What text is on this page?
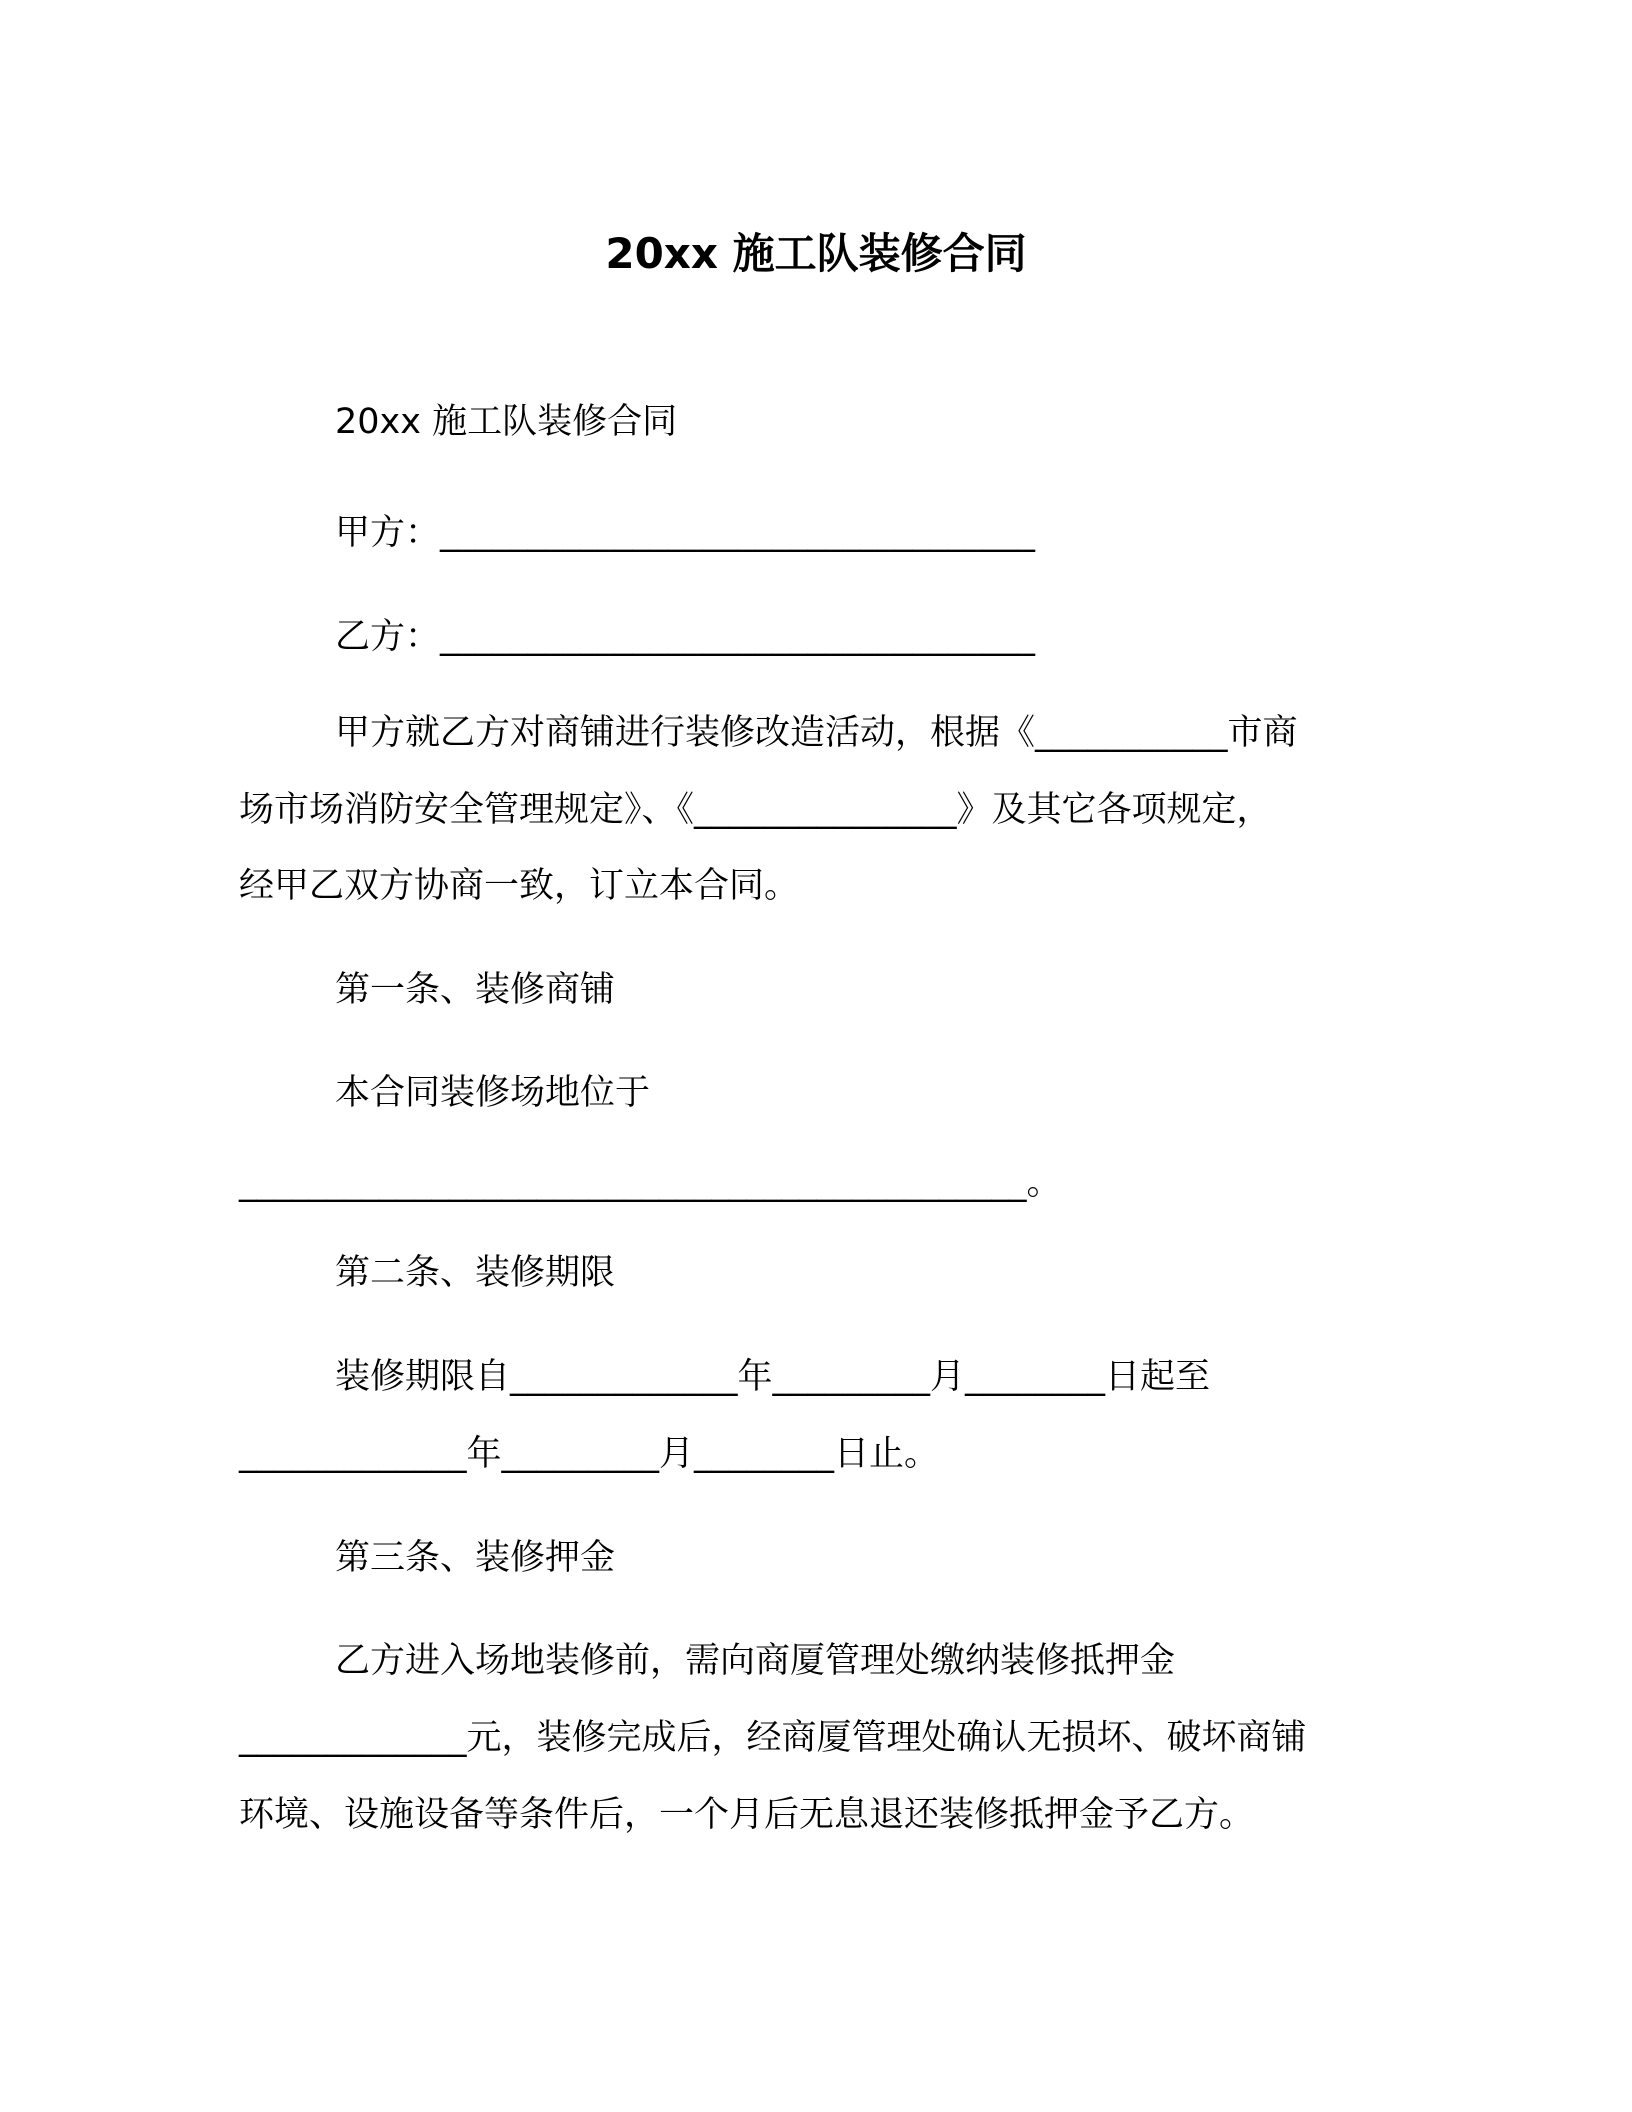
20xx 施工队装修合同
20xx 施工队装修合同
甲方：__________________________________
乙方：__________________________________
甲方就乙方对商铺进行装修改造活动，根据《___________市商
场市场消防安全管理规定》、《_______________》及其它各项规定，
经甲乙双方协商一致，订立本合同。
第一条、装修商铺
本合同装修场地位于
_____________________________________________。
第二条、装修期限
装修期限自_____________年_________月________日起至
_____________年_________月________日止。
第三条、装修押金
乙方进入场地装修前，需向商厦管理处缴纳装修抵押金
_____________元，装修完成后，经商厦管理处确认无损坏、破坏商铺
环境、设施设备等条件后，一个月后无息退还装修抵押金予乙方。
